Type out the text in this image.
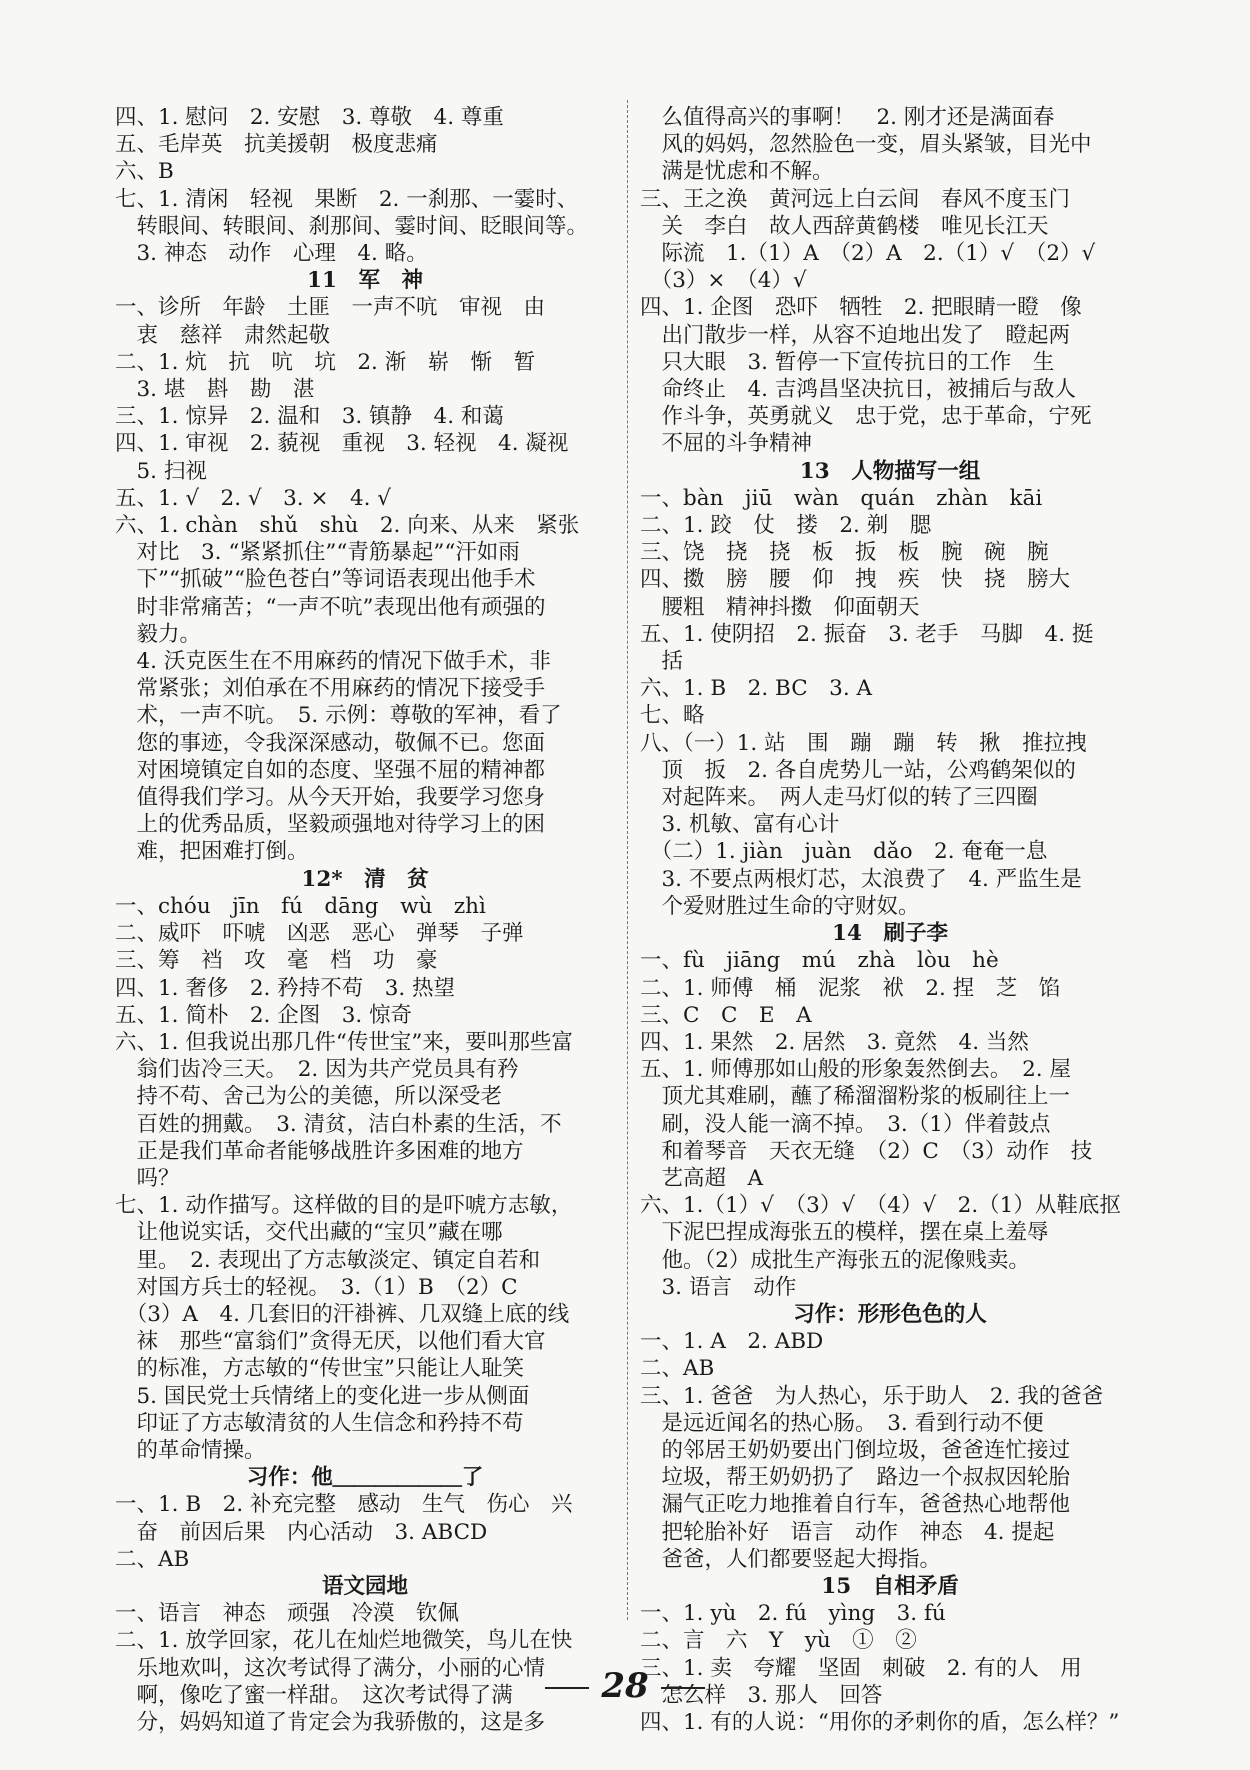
四、1. 慰问　2. 安慰　3. 尊敬　4. 尊重
五、毛岸英　抗美援朝　极度悲痛
六、B
七、1. 清闲　轻视　果断　2. 一刹那、一霎时、
　转眼间、转眼间、刹那间、霎时间、眨眼间等。
　3. 神态　动作　心理　4. 略。
11　军　神
一、诊所　年龄　土匪　一声不吭　审视　由
　衷　慈祥　肃然起敬
二、1. 炕　抗　吭　坑　2. 渐　崭　惭　暂
　3. 堪　斟　勘　湛
三、1. 惊异　2. 温和　3. 镇静　4. 和蔼
四、1. 审视　2. 藐视　重视　3. 轻视　4. 凝视
　5. 扫视
五、1. √　2. √　3. ×　4. √
六、1. chàn　shǔ　shù　2. 向来、从来　紧张
　对比　3. “紧紧抓住”“青筋暴起”“汗如雨
　下”“抓破”“脸色苍白”等词语表现出他手术
　时非常痛苦；“一声不吭”表现出他有顽强的
　毅力。
　4. 沃克医生在不用麻药的情况下做手术，非
　常紧张；刘伯承在不用麻药的情况下接受手
　术，一声不吭。　5. 示例：尊敬的军神，看了
　您的事迹，令我深深感动，敬佩不已。您面
　对困境镇定自如的态度、坚强不屈的精神都
　值得我们学习。从今天开始，我要学习您身
　上的优秀品质，坚毅顽强地对待学习上的困
　难，把困难打倒。
12*　清　贫
一、chóu　jīn　fú　dāng　wù　zhì
二、威吓　吓唬　凶恶　恶心　弹琴　子弹
三、筹　裆　攻　毫　档　功　豪
四、1. 奢侈　2. 矜持不苟　3. 热望
五、1. 简朴　2. 企图　3. 惊奇
六、1. 但我说出那几件“传世宝”来，要叫那些富
　翁们齿冷三天。　2. 因为共产党员具有矜
　持不苟、舍己为公的美德，所以深受老
　百姓的拥戴。　3. 清贫，洁白朴素的生活，不
　正是我们革命者能够战胜许多困难的地方
　吗？
七、1. 动作描写。这样做的目的是吓唬方志敏，
　让他说实话，交代出藏的“宝贝”藏在哪
　里。　2. 表现出了方志敏淡定、镇定自若和
　对国方兵士的轻视。　3.（1）B　（2）C
　（3）A　4. 几套旧的汗褂裤、几双缝上底的线
　袜　那些“富翁们”贪得无厌，以他们看大官
　的标准，方志敏的“传世宝”只能让人耻笑
　5. 国民党士兵情绪上的变化进一步从侧面
　印证了方志敏清贫的人生信念和矜持不苟
　的革命情操。
习作：他＿＿＿＿＿＿了
一、1. B　2. 补充完整　感动　生气　伤心　兴
　奋　前因后果　内心活动　3. ABCD
二、AB
语文园地
一、语言　神态　顽强　冷漠　钦佩
二、1. 放学回家，花儿在灿烂地微笑，鸟儿在快
　乐地欢叫，这次考试得了满分，小丽的心情
　啊，像吃了蜜一样甜。　这次考试得了满
　分，妈妈知道了肯定会为我骄傲的，这是多
　么值得高兴的事啊！　2. 刚才还是满面春
　风的妈妈，忽然脸色一变，眉头紧皱，目光中
　满是忧虑和不解。
三、王之涣　黄河远上白云间　春风不度玉门
　关　李白　故人西辞黄鹤楼　唯见长江天
　际流　1.（1）A　（2）A　2.（1）√　（2）√
　（3）×　（4）√
四、1. 企图　恐吓　牺牲　2. 把眼睛一瞪　像
　出门散步一样，从容不迫地出发了　瞪起两
　只大眼　3. 暂停一下宣传抗日的工作　生
　命终止　4. 吉鸿昌坚决抗日，被捕后与敌人
　作斗争，英勇就义　忠于党，忠于革命，宁死
　不屈的斗争精神
13　人物描写一组
一、bàn　jiū　wàn　quán　zhàn　kāi
二、1. 跤　仗　搂　2. 剃　腮
三、饶　挠　挠　板　扳　板　腕　碗　腕
四、擞　膀　腰　仰　拽　疾　快　挠　膀大
　腰粗　精神抖擞　仰面朝天
五、1. 使阴招　2. 振奋　3. 老手　马脚　4. 挺
　括
六、1. B　2. BC　3. A
七、略
八、（一）1. 站　围　蹦　蹦　转　揪　推拉拽
　顶　扳　2. 各自虎势儿一站，公鸡鹤架似的
　对起阵来。　两人走马灯似的转了三四圈
　3. 机敏、富有心计
　（二）1. jiàn　juàn　dǎo　2. 奄奄一息
　3. 不要点两根灯芯，太浪费了　4. 严监生是
　个爱财胜过生命的守财奴。
14　刷子李
一、fù　jiāng　mú　zhà　lòu　hè
二、1. 师傅　桶　泥浆　袱　2. 捏　芝　馅
三、C　C　E　A
四、1. 果然　2. 居然　3. 竟然　4. 当然
五、1. 师傅那如山般的形象轰然倒去。　2. 屋
　顶尤其难刷，蘸了稀溜溜粉浆的板刷往上一
　刷，没人能一滴不掉。　3.（1）伴着鼓点
　和着琴音　天衣无缝　（2）C　（3）动作　技
　艺高超　A
六、1.（1）√　（3）√　（4）√　2.（1）从鞋底抠
　下泥巴捏成海张五的模样，摆在桌上羞辱
　他。（2）成批生产海张五的泥像贱卖。
　3. 语言　动作
习作：形形色色的人
一、1. A　2. ABD
二、AB
三、1. 爸爸　为人热心，乐于助人　2. 我的爸爸
　是远近闻名的热心肠。　3. 看到行动不便
　的邻居王奶奶要出门倒垃圾，爸爸连忙接过
　垃圾，帮王奶奶扔了　路边一个叔叔因轮胎
　漏气正吃力地推着自行车，爸爸热心地帮他
　把轮胎补好　语言　动作　神态　4. 提起
　爸爸，人们都要竖起大拇指。
15　自相矛盾
一、1. yù　2. fú　yìng　3. fú
二、言　六　Y　yù　①　②
三、1. 卖　夸耀　坚固　刺破　2. 有的人　用
　怎么样　3. 那人　回答
四、1. 有的人说：“用你的矛刺你的盾，怎么样？”
28
